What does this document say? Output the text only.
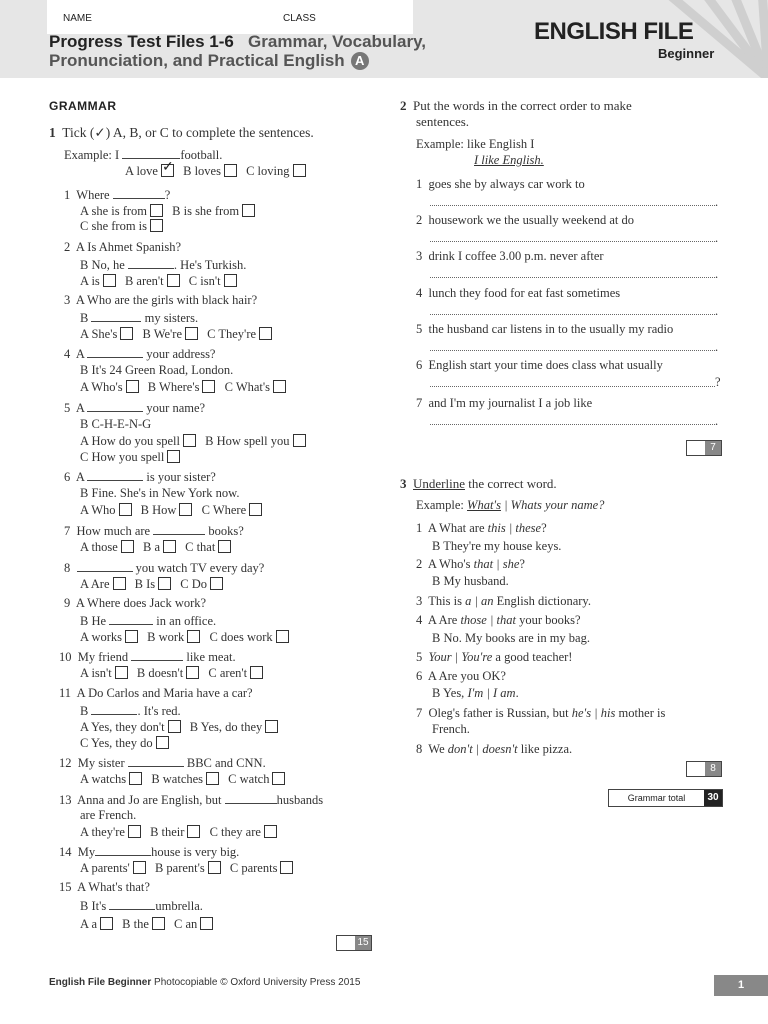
NAME	CLASS
Progress Test Files 1-6 Grammar, Vocabulary,
Pronunciation, and Practical English A
ENGLISH FILE
Beginner
GRAMMAR
1 Tick (✓) A, B, or C to complete the sentences.
Example: I	football.
A love✓ B loves C loving
1 Where	?
A she is from B is she from
C she from is
2 A Is Ahmet Spanish?
B No, he	. He's Turkish.
A is B aren't C isn't
3 A Who are the girls with black hair?
B	my sisters.
A She's B We're C They're
4 A	your address?
B It's 24 Green Road, London.
A Who's B Where's C What's
5 A	your name?
B C-H-E-N-G
A How do you spell B How spell you
C How you spell
6 A	is your sister?
B Fine. She's in New York now.
A Who B How C Where
7 How much are	books?
A those B a C that
8	you watch TV every day?
A Are B Is C Do
9 A Where does Jack work?
B He	in an office.
A works B work C does work
10 My friend	like meat.
A isn't B doesn't C aren't
11 A Do Carlos and Maria have a car?
B	. It's red.
A Yes, they don't B Yes, do they
C Yes, they do
12 My sister	BBC and CNN.
A watchs B watches C watch
13 Anna and Jo are English, but	husbands
are French.
A they're B their C they are
14 My	house is very big.
A parents' B parent's C parents
15 A What's that?
B It's	umbrella.
A a B the C an
15
2 Put the words in the correct order to make
sentences.
Example: like English I
I like English.
1 goes she by always car work to
.
2 housework we the usually weekend at do
.
3 drink I coffee 3.00 p.m. never after
.
4 lunch they food for eat fast sometimes
.
5 the husband car listens in to the usually my radio
.
6 English start your time does class what usually
?
7 and I'm my journalist I a job like
.
7
3 Underline the correct word.
Example: What's | Whats your name?
1 A What are this | these?
B They're my house keys.
2 A Who's that | she?
B My husband.
3 This is a | an English dictionary.
4 A Are those | that your books?
B No. My books are in my bag.
5 Your | You're a good teacher!
6 A Are you OK?
B Yes, I'm | I am.
7 Oleg's father is Russian, but he's | his mother is
French.
8 We don't | doesn't like pizza.
8
Grammar total	30
English File Beginner Photocopiable © Oxford University Press 2015	1
